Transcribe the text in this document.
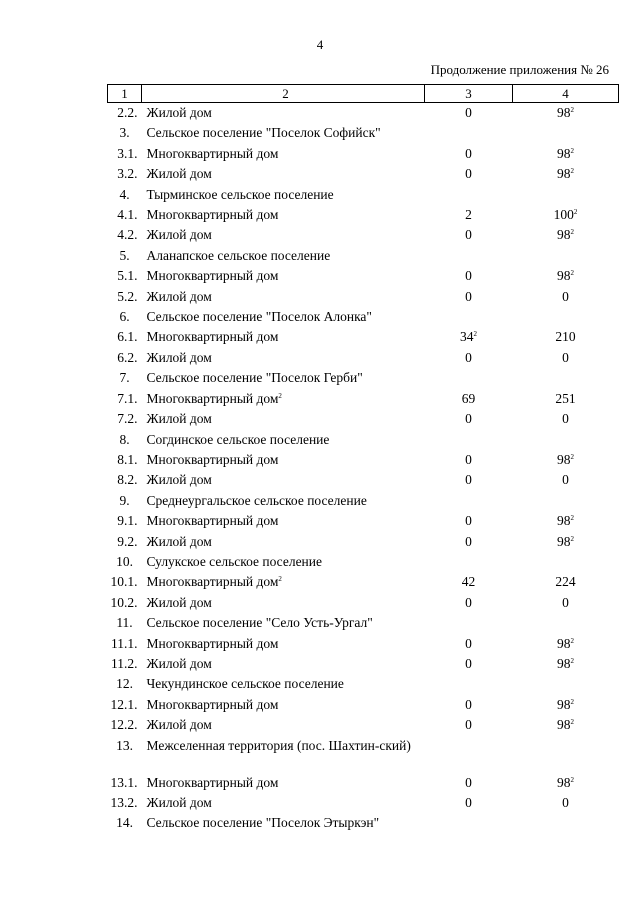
4
Продолжение приложения № 26
1	2	3	4
2.2.	Жилой дом	0	$98^2$
3.	Сельское поселение "Поселок Софийск"		
3.1.	Многоквартирный дом	0	$98^2$
3.2.	Жилой дом	0	$98^2$
4.	Тырминское сельское поселение		
4.1.	Многоквартирный дом	2	$100^2$
4.2.	Жилой дом	0	$98^2$
5.	Аланапское сельское поселение		
5.1.	Многоквартирный дом	0	$98^2$
5.2.	Жилой дом	0	0
6.	Сельское поселение "Поселок Алонка"		
6.1.	Многоквартирный дом	$34^2$	210
6.2.	Жилой дом	0	0
7.	Сельское поселение "Поселок Герби"		
7.1.	Многоквартирный дом$^2$	69	251
7.2.	Жилой дом	0	0
8.	Согдинское сельское поселение		
8.1.	Многоквартирный дом	0	$98^2$
8.2.	Жилой дом	0	0
9.	Среднеургальское сельское поселение		
9.1.	Многоквартирный дом	0	$98^2$
9.2.	Жилой дом	0	$98^2$
10.	Сулукское сельское поселение		
10.1.	Многоквартирный дом$^2$	42	224
10.2.	Жилой дом	0	0
11.	Сельское поселение "Село Усть-Ургал"		
11.1.	Многоквартирный дом	0	$98^2$
11.2.	Жилой дом	0	$98^2$
12.	Чекундинское сельское поселение		
12.1.	Многоквартирный дом	0	$98^2$
12.2.	Жилой дом	0	$98^2$
13.	Межселенная территория (пос. Шахтин-ский)		
13.1.	Многоквартирный дом	0	$98^2$
13.2.	Жилой дом	0	0
14.	Сельское поселение "Поселок Этыркэн"		
